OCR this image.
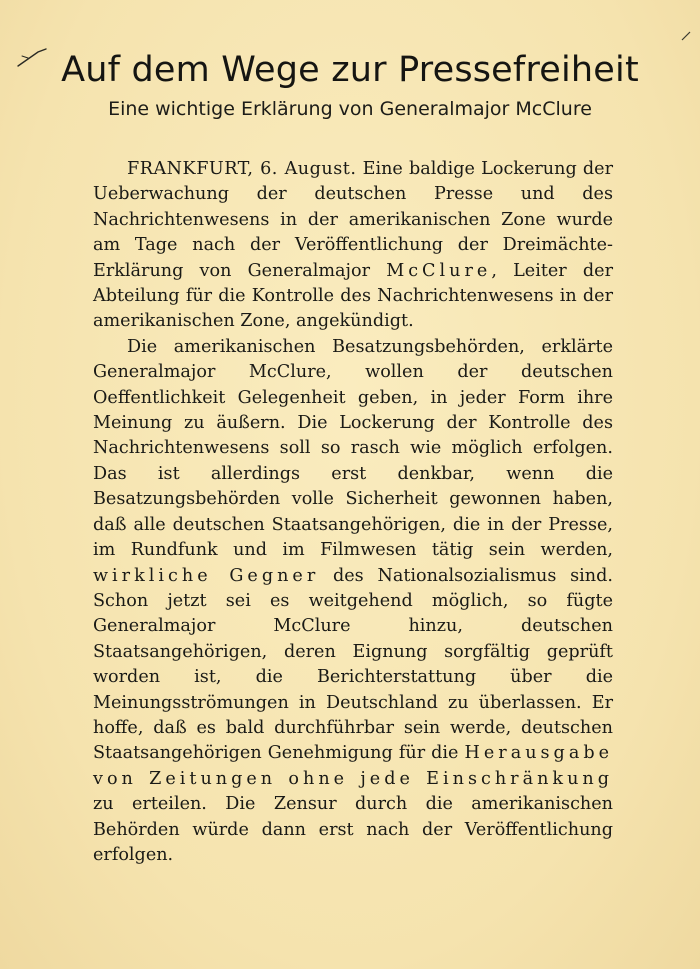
Auf dem Wege zur Pressefreiheit
Eine wichtige Erklärung von Generalmajor McClure

FRANKFURT, 6. August. Eine baldige Lockerung der Ueberwachung der deutschen Presse und des Nachrichtenwesens in der amerikanischen Zone wurde am Tage nach der Veröffentlichung der Dreimächte-Erklärung von Generalmajor McClure, Leiter der Abteilung für die Kontrolle des Nachrichtenwesens in der amerikanischen Zone, angekündigt.

Die amerikanischen Besatzungsbehörden, erklärte Generalmajor McClure, wollen der deutschen Oeffentlichkeit Gelegenheit geben, in jeder Form ihre Meinung zu äußern. Die Lockerung der Kontrolle des Nachrichtenwesens soll so rasch wie möglich erfolgen. Das ist allerdings erst denkbar, wenn die Besatzungsbehörden volle Sicherheit gewonnen haben, daß alle deutschen Staatsangehörigen, die in der Presse, im Rundfunk und im Filmwesen tätig sein werden, wirkliche Gegner des Nationalsozialismus sind. Schon jetzt sei es weitgehend möglich, so fügte Generalmajor McClure hinzu, deutschen Staatsangehörigen, deren Eignung sorgfältig geprüft worden ist, die Berichterstattung über die Meinungsströmungen in Deutschland zu überlassen. Er hoffe, daß es bald durchführbar sein werde, deutschen Staatsangehörigen Genehmigung für die Herausgabe von Zeitungen ohne jede Einschränkung zu erteilen. Die Zensur durch die amerikanischen Behörden würde dann erst nach der Veröffentlichung erfolgen.
